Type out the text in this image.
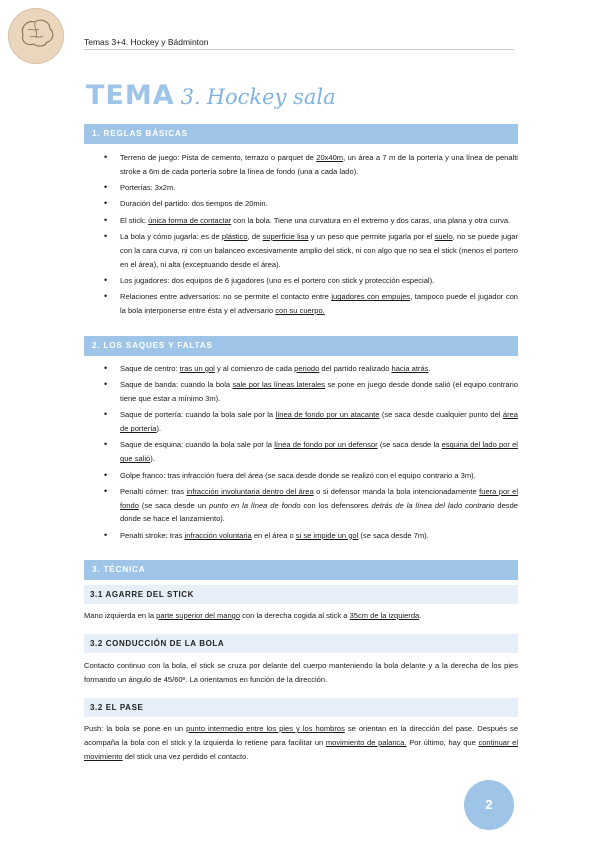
Temas 3+4. Hockey y Bádminton
TEMA 3. Hockey sala
1. REGLAS BÁSICAS
• Terreno de juego: Pista de cemento, terrazo o parquet de 20x40m, un área a 7 m de la portería y una línea de penalti stroke a 6m de cada portería sobre la línea de fondo (una a cada lado).
• Porterías: 3x2m.
• Duración del partido: dos tiempos de 20min.
• El stick: única forma de contactar con la bola. Tiene una curvatura en el extremo y dos caras, una plana y otra curva.
• La bola y cómo jugarla: es de plástico, de superficie lisa y un peso que permite jugarla por el suelo, no se puede jugar con la cara curva, ni con un balanceo excesivamente amplio del stick, ni con algo que no sea el stick (menos el portero en el área), ni alta (exceptuando desde el área).
• Los jugadores: dos equipos de 6 jugadores (uno es el portero con stick y protección especial).
• Relaciones entre adversarios: no se permite el contacto entre jugadores con empujes, tampoco puede el jugador con la bola interponerse entre ésta y el adversario con su cuerpo.
2. LOS SAQUES Y FALTAS
• Saque de centro: tras un gol y al comienzo de cada periodo del partido realizado hacia atrás.
• Saque de banda: cuando la bola sale por las líneas laterales se pone en juego desde donde salió (el equipo contrario tiene que estar a mínimo 3m).
• Saque de portería: cuando la bola sale por la línea de fondo por un atacante (se saca desde cualquier punto del área de portería).
• Saque de esquina: cuando la bola sale por la línea de fondo por un defensor (se saca desde la esquina del lado por el que salió).
• Golpe franco: tras infracción fuera del área (se saca desde donde se realizó con el equipo contrario a 3m).
• Penalti córner: tras infracción involuntaria dentro del área o si defensor manda la bola intencionadamente fuera por el fondo (se saca desde un punto en la línea de fondo con los defensores detrás de la línea del lado contrario desde donde se hace el lanzamiento).
• Penalti stroke: tras infracción voluntaria en el área o si se impide un gol (se saca desde 7m).
3. TÉCNICA
3.1 AGARRE DEL STICK

Mano izquierda en la parte superior del mango con la derecha cogida al stick a 35cm de la izquierda.

3.2 CONDUCCIÓN DE LA BOLA

Contacto continuo con la bola, el stick se cruza por delante del cuerpo manteniendo la bola delante y a la derecha de los pies formando un ángulo de 45/60º. La orientamos en función de la dirección.

3.2 EL PASE

Push: la bola se pone en un punto intermedio entre los pies y los hombros se orientan en la dirección del pase. Después se acompaña la bola con el stick y la izquierda lo retiene para facilitar un movimiento de palanca. Por último, hay que continuar el movimiento del stick una vez perdido el contacto.

2
